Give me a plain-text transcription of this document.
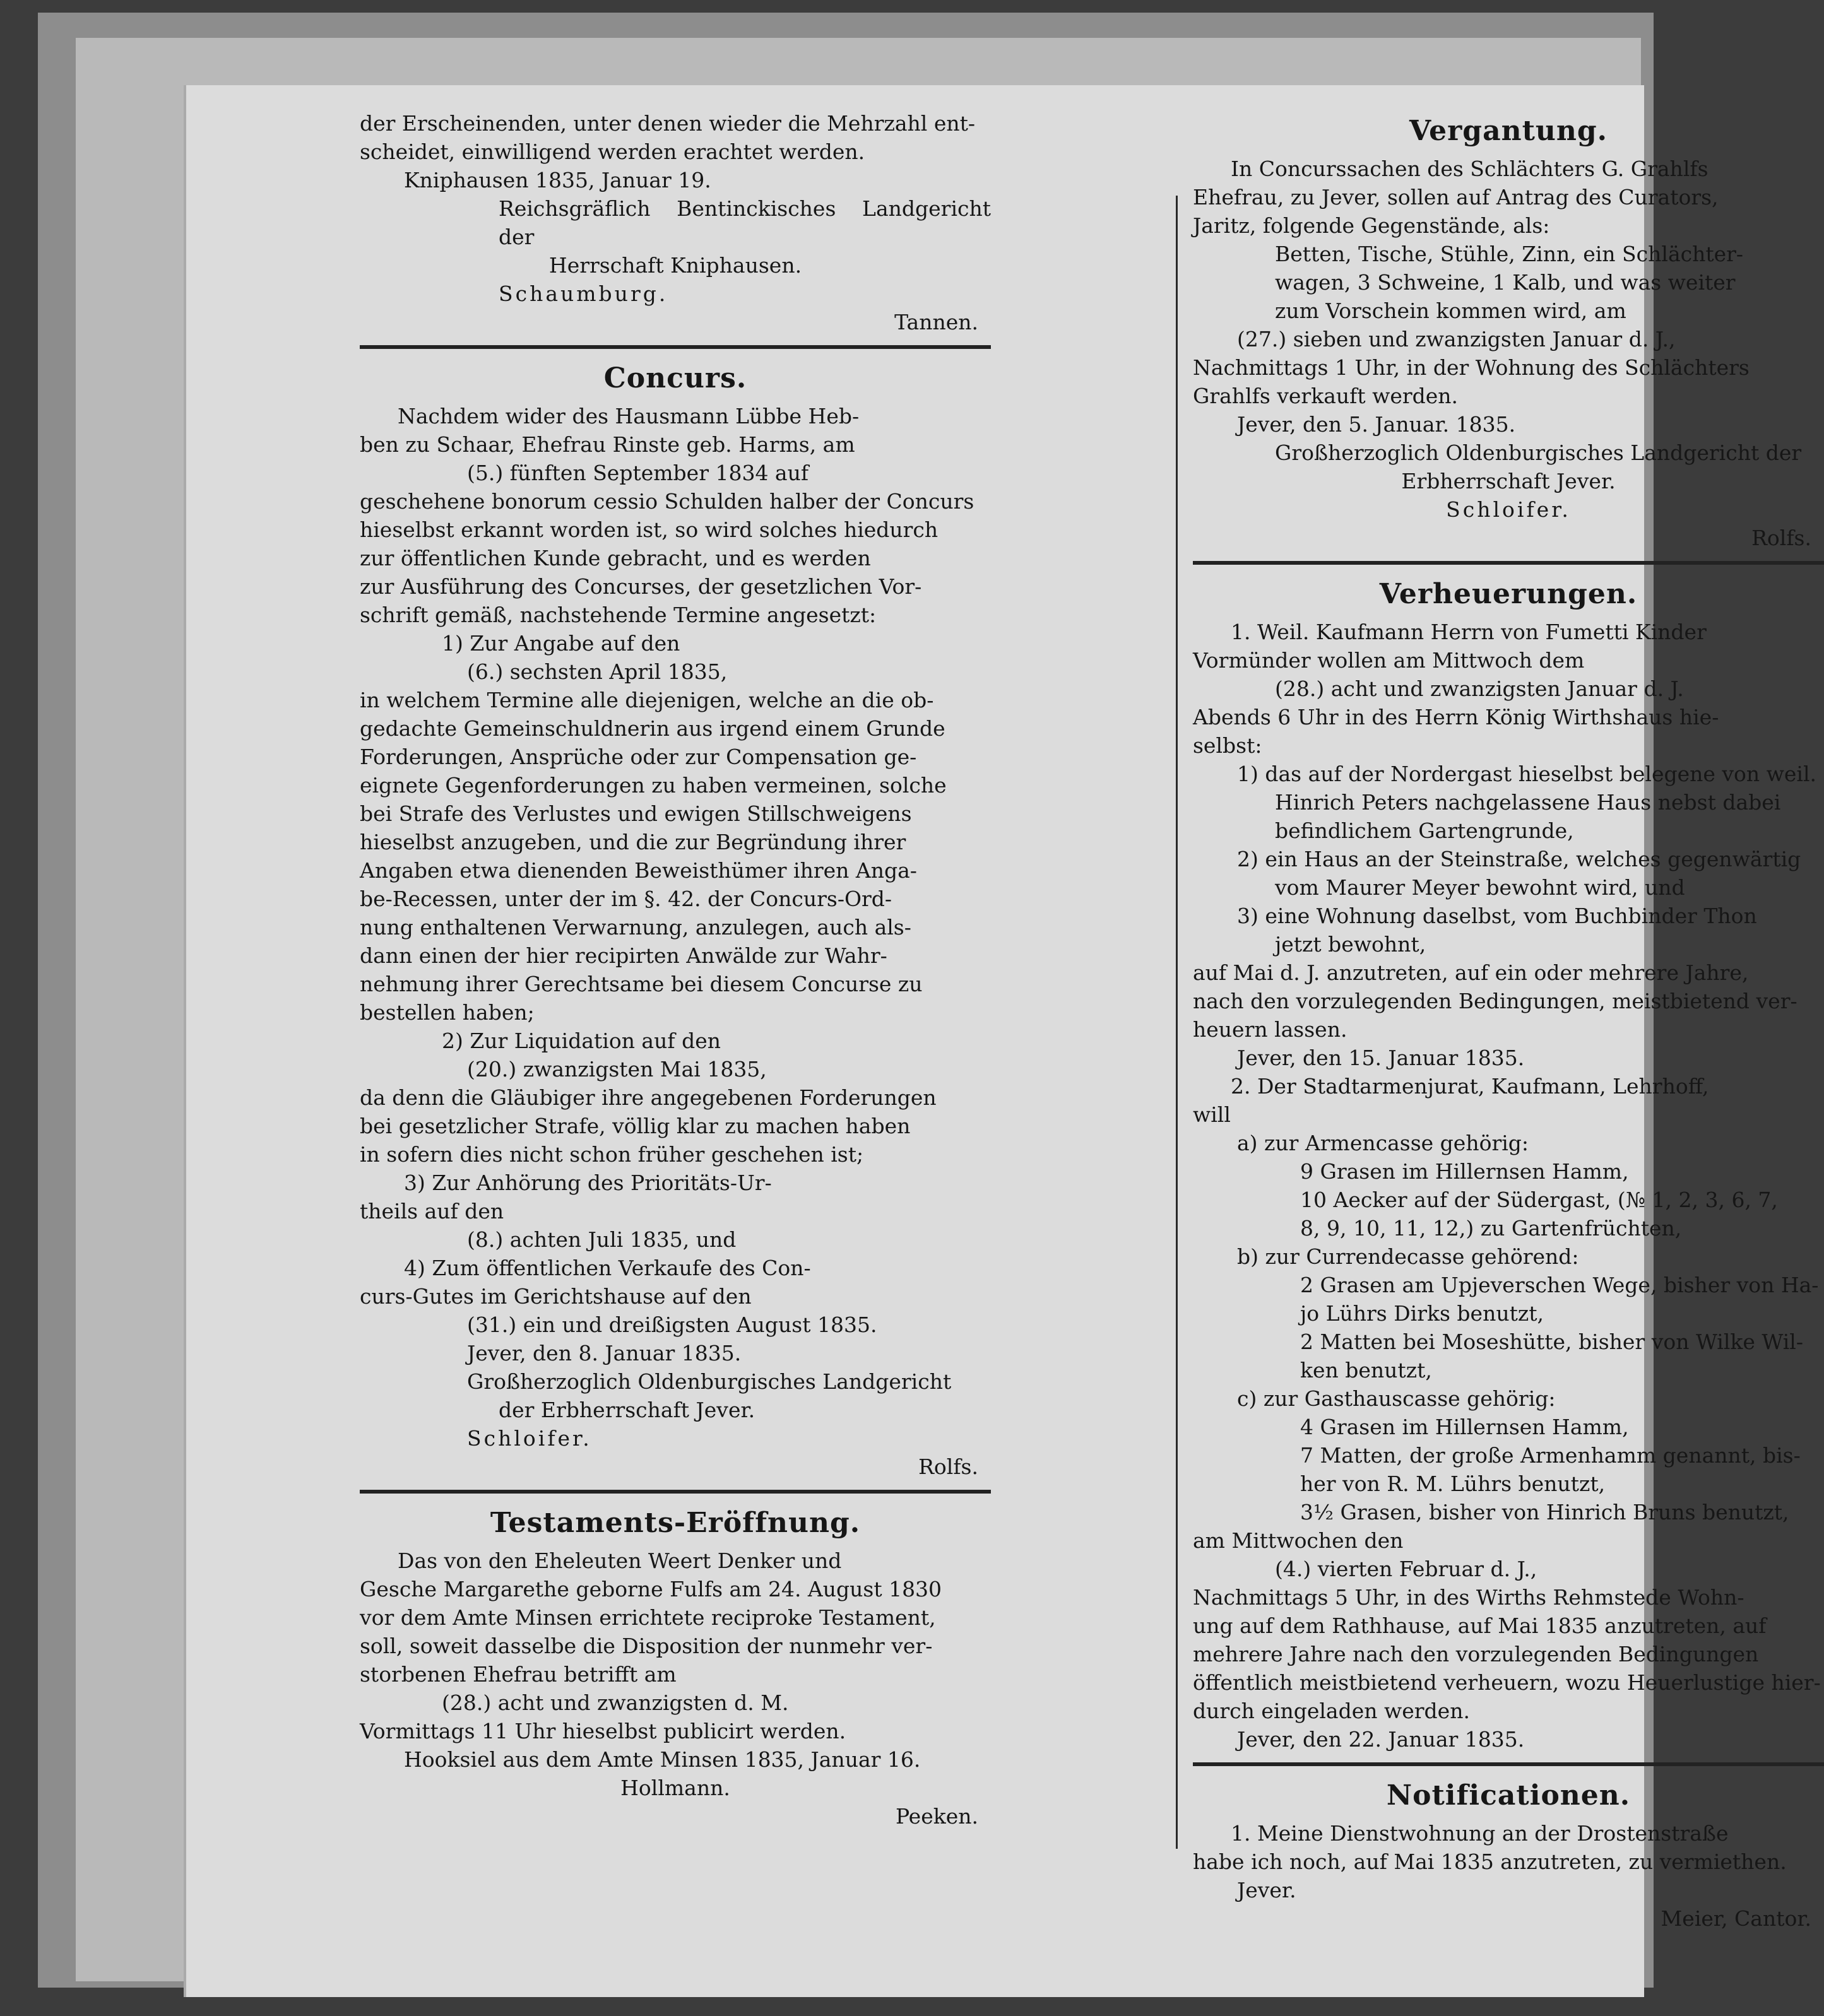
der Erscheinenden, unter denen wieder die Mehrzahl ent-

scheidet, einwilligend werden erachtet werden.

Kniphausen 1835, Januar 19.

Reichsgräflich Bentinckisches Landgericht der

Herrschaft Kniphausen.

Schaumburg.

Tannen.

Concurs.

Nachdem wider des Hausmann Lübbe Heb-

ben zu Schaar, Ehefrau Rinste geb. Harms, am

(5.) fünften September 1834 auf

geschehene bonorum cessio Schulden halber der Concurs

hieselbst erkannt worden ist, so wird solches hiedurch

zur öffentlichen Kunde gebracht, und es werden

zur Ausführung des Concurses, der gesetzlichen Vor-

schrift gemäß, nachstehende Termine angesetzt:

1) Zur Angabe auf den

(6.) sechsten April 1835,

in welchem Termine alle diejenigen, welche an die ob-

gedachte Gemeinschuldnerin aus irgend einem Grunde

Forderungen, Ansprüche oder zur Compensation ge-

eignete Gegenforderungen zu haben vermeinen, solche

bei Strafe des Verlustes und ewigen Stillschweigens

hieselbst anzugeben, und die zur Begründung ihrer

Angaben etwa dienenden Beweisthümer ihren Anga-

be-Recessen, unter der im §. 42. der Concurs-Ord-

nung enthaltenen Verwarnung, anzulegen, auch als-

dann einen der hier recipirten Anwälde zur Wahr-

nehmung ihrer Gerechtsame bei diesem Concurse zu

bestellen haben;

2) Zur Liquidation auf den

(20.) zwanzigsten Mai 1835,

da denn die Gläubiger ihre angegebenen Forderungen

bei gesetzlicher Strafe, völlig klar zu machen haben

in sofern dies nicht schon früher geschehen ist;

3) Zur Anhörung des Prioritäts-Ur-

theils auf den

(8.) achten Juli 1835, und

4) Zum öffentlichen Verkaufe des Con-

curs-Gutes im Gerichtshause auf den

(31.) ein und dreißigsten August 1835.

Jever, den 8. Januar 1835.

Großherzoglich Oldenburgisches Landgericht

der Erbherrschaft Jever.

Schloifer.

Rolfs.

Testaments-Eröffnung.

Das von den Eheleuten Weert Denker und

Gesche Margarethe geborne Fulfs am 24. August 1830

vor dem Amte Minsen errichtete reciproke Testament,

soll, soweit dasselbe die Disposition der nunmehr ver-

storbenen Ehefrau betrifft am

(28.) acht und zwanzigsten d. M.

Vormittags 11 Uhr hieselbst publicirt werden.

Hooksiel aus dem Amte Minsen 1835, Januar 16.

Hollmann.

Peeken.

Vergantung.

In Concurssachen des Schlächters G. Grahlfs

Ehefrau, zu Jever, sollen auf Antrag des Curators,

Jaritz, folgende Gegenstände, als:

Betten, Tische, Stühle, Zinn, ein Schlächter-

wagen, 3 Schweine, 1 Kalb, und was weiter

zum Vorschein kommen wird, am

(27.) sieben und zwanzigsten Januar d. J.,

Nachmittags 1 Uhr, in der Wohnung des Schlächters

Grahlfs verkauft werden.

Jever, den 5. Januar. 1835.

Großherzoglich Oldenburgisches Landgericht der

Erbherrschaft Jever.

Schloifer.

Rolfs.

Verheuerungen.

1. Weil. Kaufmann Herrn von Fumetti Kinder

Vormünder wollen am Mittwoch dem

(28.) acht und zwanzigsten Januar d. J.

Abends 6 Uhr in des Herrn König Wirthshaus hie-

selbst:

1) das auf der Nordergast hieselbst belegene von weil.

Hinrich Peters nachgelassene Haus nebst dabei

befindlichem Gartengrunde,

2) ein Haus an der Steinstraße, welches gegenwärtig

vom Maurer Meyer bewohnt wird, und

3) eine Wohnung daselbst, vom Buchbinder Thon

jetzt bewohnt,

auf Mai d. J. anzutreten, auf ein oder mehrere Jahre,

nach den vorzulegenden Bedingungen, meistbietend ver-

heuern lassen.

Jever, den 15. Januar 1835.

2. Der Stadtarmenjurat, Kaufmann, Lehrhoff,

will

a) zur Armencasse gehörig:

9 Grasen im Hillernsen Hamm,

10 Aecker auf der Südergast, (№ 1, 2, 3, 6, 7,

8, 9, 10, 11, 12,) zu Gartenfrüchten,

b) zur Currendecasse gehörend:

2 Grasen am Upjeverschen Wege, bisher von Ha-

jo Lührs Dirks benutzt,

2 Matten bei Moseshütte, bisher von Wilke Wil-

ken benutzt,

c) zur Gasthauscasse gehörig:

4 Grasen im Hillernsen Hamm,

7 Matten, der große Armenhamm genannt, bis-

her von R. M. Lührs benutzt,

3½ Grasen, bisher von Hinrich Bruns benutzt,

am Mittwochen den

(4.) vierten Februar d. J.,

Nachmittags 5 Uhr, in des Wirths Rehmstede Wohn-

ung auf dem Rathhause, auf Mai 1835 anzutreten, auf

mehrere Jahre nach den vorzulegenden Bedingungen

öffentlich meistbietend verheuern, wozu Heuerlustige hier-

durch eingeladen werden.

Jever, den 22. Januar 1835.

Notificationen.

1. Meine Dienstwohnung an der Drostenstraße

habe ich noch, auf Mai 1835 anzutreten, zu vermiethen.

Jever.

Meier, Cantor.
